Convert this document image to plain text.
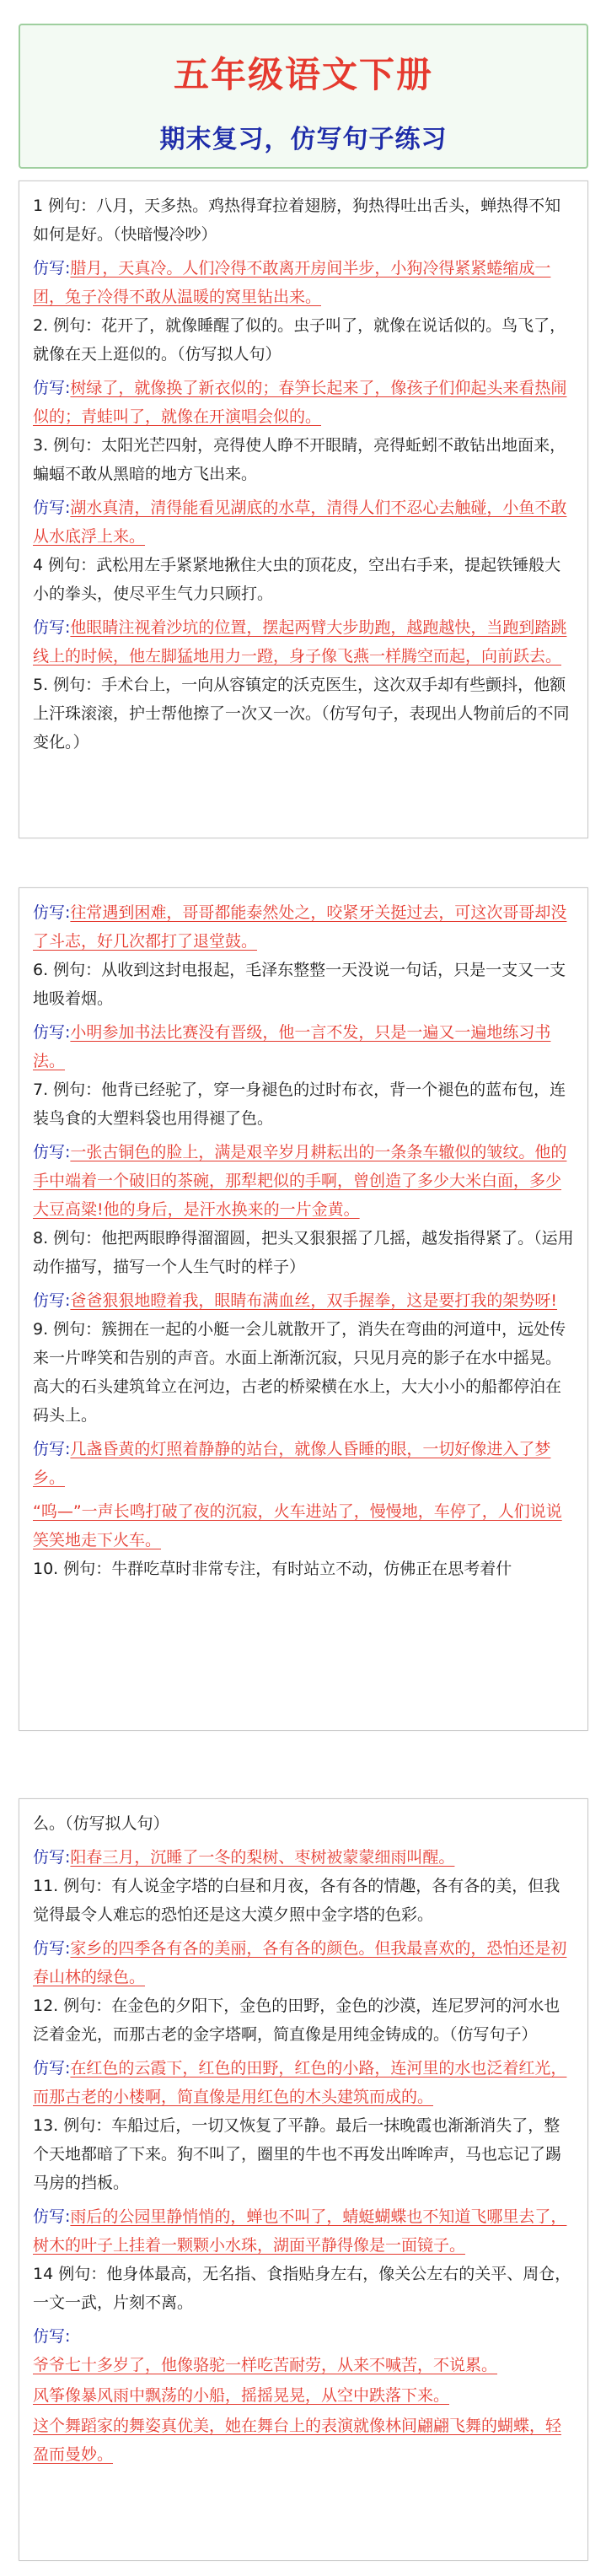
五年级语文下册
期末复习，仿写句子练习
1 例句：八月，天多热。鸡热得耷拉着翅膀，狗热得吐出舌头，蝉热得不知如何是好。（快暗慢冷吵）
仿写:腊月，天真冷。人们冷得不敢离开房间半步，小狗冷得紧紧蜷缩成一团，兔子冷得不敢从温暖的窝里钻出来。
2. 例句：花开了，就像睡醒了似的。虫子叫了，就像在说话似的。鸟飞了，就像在天上逛似的。（仿写拟人句）
仿写:树绿了，就像换了新衣似的；春笋长起来了，像孩子们仰起头来看热闹似的；青蛙叫了，就像在开演唱会似的。
3. 例句：太阳光芒四射，亮得使人睁不开眼睛，亮得蚯蚓不敢钻出地面来，蝙蝠不敢从黑暗的地方飞出来。
仿写:湖水真清，清得能看见湖底的水草，清得人们不忍心去触碰，小鱼不敢从水底浮上来。
4 例句：武松用左手紧紧地揪住大虫的顶花皮，空出右手来，提起铁锤般大小的拳头，使尽平生气力只顾打。
仿写:他眼睛注视着沙坑的位置，摆起两臂大步助跑，越跑越快，当跑到踏跳线上的时候，他左脚猛地用力一蹬，身子像飞燕一样腾空而起，向前跃去。
5. 例句：手术台上，一向从容镇定的沃克医生，这次双手却有些颤抖，他额上汗珠滚滚，护士帮他擦了一次又一次。（仿写句子，表现出人物前后的不同变化。）
仿写:往常遇到困难，哥哥都能泰然处之，咬紧牙关挺过去，可这次哥哥却没了斗志，好几次都打了退堂鼓。
6. 例句：从收到这封电报起，毛泽东整整一天没说一句话，只是一支又一支地吸着烟。
仿写:小明参加书法比赛没有晋级，他一言不发，只是一遍又一遍地练习书法。
7. 例句：他背已经驼了，穿一身褪色的过时布衣，背一个褪色的蓝布包，连装鸟食的大塑料袋也用得褪了色。
仿写:一张古铜色的脸上，满是艰辛岁月耕耘出的一条条车辙似的皱纹。他的手中端着一个破旧的茶碗，那犁耙似的手啊，曾创造了多少大米白面，多少大豆高粱!他的身后，是汗水换来的一片金黄。
8. 例句：他把两眼睁得溜溜圆，把头又狠狠摇了几摇，越发指得紧了。（运用动作描写，描写一个人生气时的样子）
仿写:爸爸狠狠地瞪着我，眼睛布满血丝，双手握拳，这是要打我的架势呀!
9. 例句：簇拥在一起的小艇一会儿就散开了，消失在弯曲的河道中，远处传来一片哗笑和告别的声音。水面上渐渐沉寂，只见月亮的影子在水中摇晃。高大的石头建筑耸立在河边，古老的桥梁横在水上，大大小小的船都停泊在码头上。
仿写:几盏昏黄的灯照着静静的站台，就像人昏睡的眼，一切好像进入了梦乡。
“呜—”一声长鸣打破了夜的沉寂，火车进站了，慢慢地，车停了，人们说说笑笑地走下火车。
10. 例句：牛群吃草时非常专注，有时站立不动，仿佛正在思考着什
么。（仿写拟人句）
仿写:阳春三月，沉睡了一冬的梨树、枣树被蒙蒙细雨叫醒。
11. 例句：有人说金字塔的白昼和月夜，各有各的情趣，各有各的美，但我觉得最令人难忘的恐怕还是这大漠夕照中金字塔的色彩。
仿写:家乡的四季各有各的美丽，各有各的颜色。但我最喜欢的，恐怕还是初春山林的绿色。
12. 例句：在金色的夕阳下，金色的田野，金色的沙漠，连尼罗河的河水也泛着金光，而那古老的金字塔啊，简直像是用纯金铸成的。（仿写句子）
仿写:在红色的云霞下，红色的田野，红色的小路，连河里的水也泛着红光，而那古老的小楼啊，简直像是用红色的木头建筑而成的。
13. 例句：车船过后，一切又恢复了平静。最后一抹晚霞也渐渐消失了，整个天地都暗了下来。狗不叫了，圈里的牛也不再发出哞哞声，马也忘记了踢马房的挡板。
仿写:雨后的公园里静悄悄的，蝉也不叫了，蜻蜓蝴蝶也不知道飞哪里去了，树木的叶子上挂着一颗颗小水珠，湖面平静得像是一面镜子。
14 例句：他身体最高，无名指、食指贴身左右，像关公左右的关平、周仓，一文一武，片刻不离。
仿写:
爷爷七十多岁了，他像骆驼一样吃苦耐劳，从来不喊苦，不说累。
风筝像暴风雨中飘荡的小船，摇摇晃晃，从空中跌落下来。
这个舞蹈家的舞姿真优美，她在舞台上的表演就像林间翩翩飞舞的蝴蝶，轻盈而曼妙。
